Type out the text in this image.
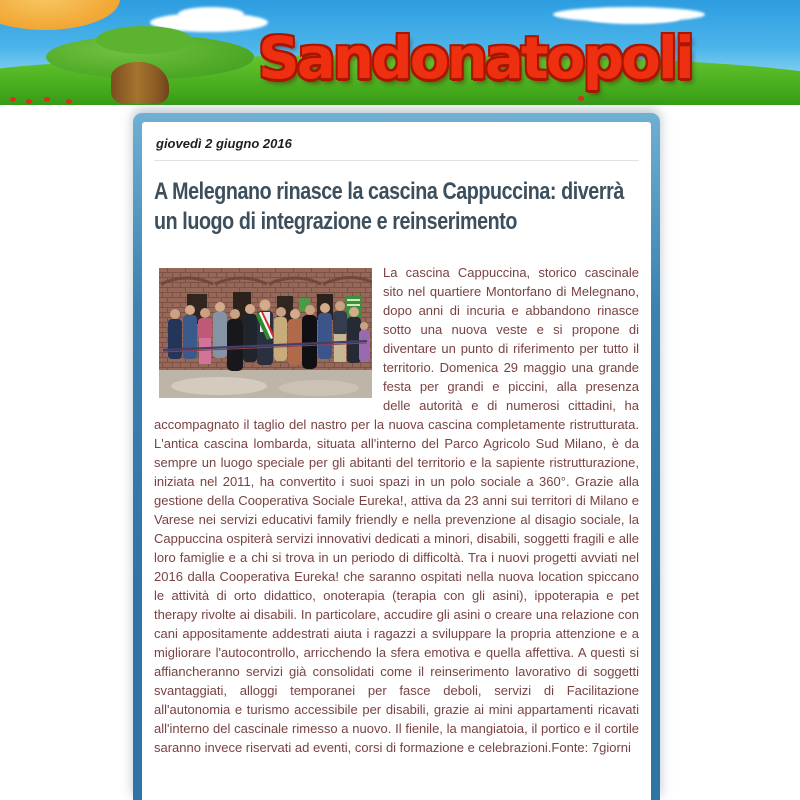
Sandonatopoli
giovedì 2 giugno 2016
A Melegnano rinasce la cascina Cappuccina: diverrà un luogo di integrazione e reinserimento
La cascina Cappuccina, storico cascinale sito nel quartiere Montorfano di Melegnano, dopo anni di incuria e abbandono rinasce sotto una nuova veste e si propone di diventare un punto di riferimento per tutto il territorio. Domenica 29 maggio una grande festa per grandi e piccini, alla presenza delle autorità e di numerosi cittadini, ha accompagnato il taglio del nastro per la nuova cascina completamente ristrutturata. L'antica cascina lombarda, situata all'interno del Parco Agricolo Sud Milano, è da sempre un luogo speciale per gli abitanti del territorio e la sapiente ristrutturazione, iniziata nel 2011, ha convertito i suoi spazi in un polo sociale a 360°. Grazie alla gestione della Cooperativa Sociale Eureka!, attiva da 23 anni sui territori di Milano e Varese nei servizi educativi family friendly e nella prevenzione al disagio sociale, la Cappuccina ospiterà servizi innovativi dedicati a minori, disabili, soggetti fragili e alle loro famiglie e a chi si trova in un periodo di difficoltà. Tra i nuovi progetti avviati nel 2016 dalla Cooperativa Eureka! che saranno ospitati nella nuova location spiccano le attività di orto didattico, onoterapia (terapia con gli asini), ippoterapia e pet therapy rivolte ai disabili. In particolare, accudire gli asini o creare una relazione con cani appositamente addestrati aiuta i ragazzi a sviluppare la propria attenzione e a migliorare l'autocontrollo, arricchendo la sfera emotiva e quella affettiva. A questi si affiancheranno servizi già consolidati come il reinserimento lavorativo di soggetti svantaggiati, alloggi temporanei per fasce deboli, servizi di Facilitazione all'autonomia e turismo accessibile per disabili, grazie ai mini appartamenti ricavati all'interno del cascinale rimesso a nuovo. Il fienile, la mangiatoia, il portico e il cortile saranno invece riservati ad eventi, corsi di formazione e celebrazioni.Fonte: 7giorni
